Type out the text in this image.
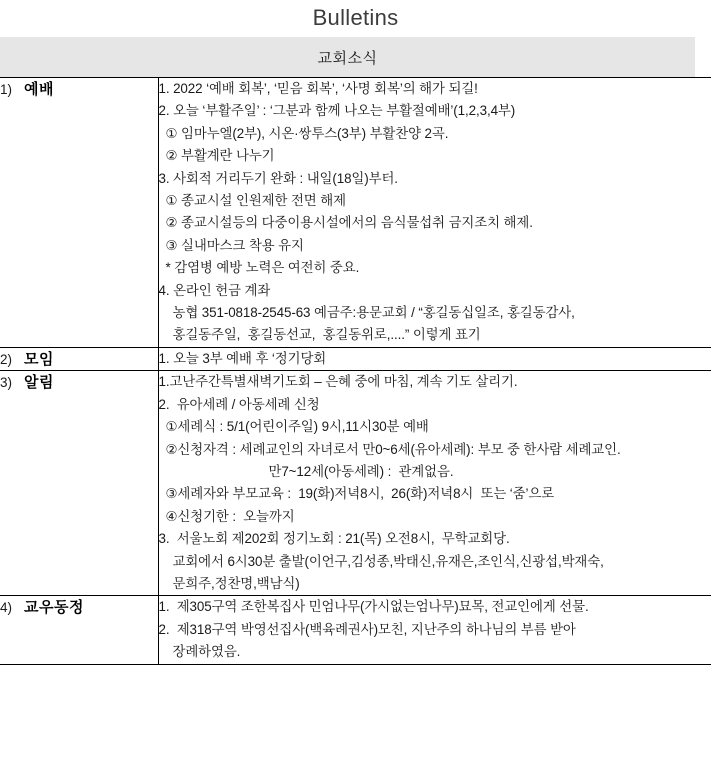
Bulletins
교회소식
1) 예배	1. 2022 ‘예배 회복’, ‘믿음 회복’, ‘사명 회복’의 해가 되길!
2. 오늘 ‘부활주일’ : ‘그분과 함께 나오는 부활절예배’(1,2,3,4부)
① 임마누엘(2부), 시온·쌍투스(3부) 부활찬양 2곡.
② 부활계란 나누기
3. 사회적 거리두기 완화 : 내일(18일)부터.
① 종교시설 인원제한 전면 해제
② 종교시설등의 다중이용시설에서의 음식물섭취 금지조치 해제.
③ 실내마스크 착용 유지
* 감염병 예방 노력은 여전히 중요.
4. 온라인 헌금 계좌
농협 351-0818-2545-63 예금주:용문교회 / “홍길동십일조, 홍길동감사,
홍길동주일,  홍길동선교,  홍길동위로,....” 이렇게 표기

2) 모임	1. 오늘 3부 예배 후 ‘정기당회

3) 알림	1.고난주간특별새벽기도회 – 은혜 중에 마침, 계속 기도 살리기.
2.  유아세례 / 아동세례 신청
①세례식 : 5/1(어린이주일) 9시,11시30분 예배
②신청자격 : 세례교인의 자녀로서 만0~6세(유아세례): 부모 중 한사람 세례교인.
만7~12세(아동세례) :  관계없음.
③세례자와 부모교육 :  19(화)저녁8시,  26(화)저녁8시  또는 ‘줌’으로
④신청기한 :  오늘까지
3.  서울노회 제202회 정기노회 : 21(목) 오전8시,  무학교회당.
교회에서 6시30분 출발(이언구,김성종,박태신,유재은,조인식,신광섭,박재숙,
문희주,정찬명,백남식)

4) 교우동정	1.  제305구역 조한복집사 민엄나무(가시없는엄나무)묘목, 전교인에게 선물.
2.  제318구역 박영선집사(백육례권사)모친, 지난주의 하나님의 부름 받아
장례하였음.
